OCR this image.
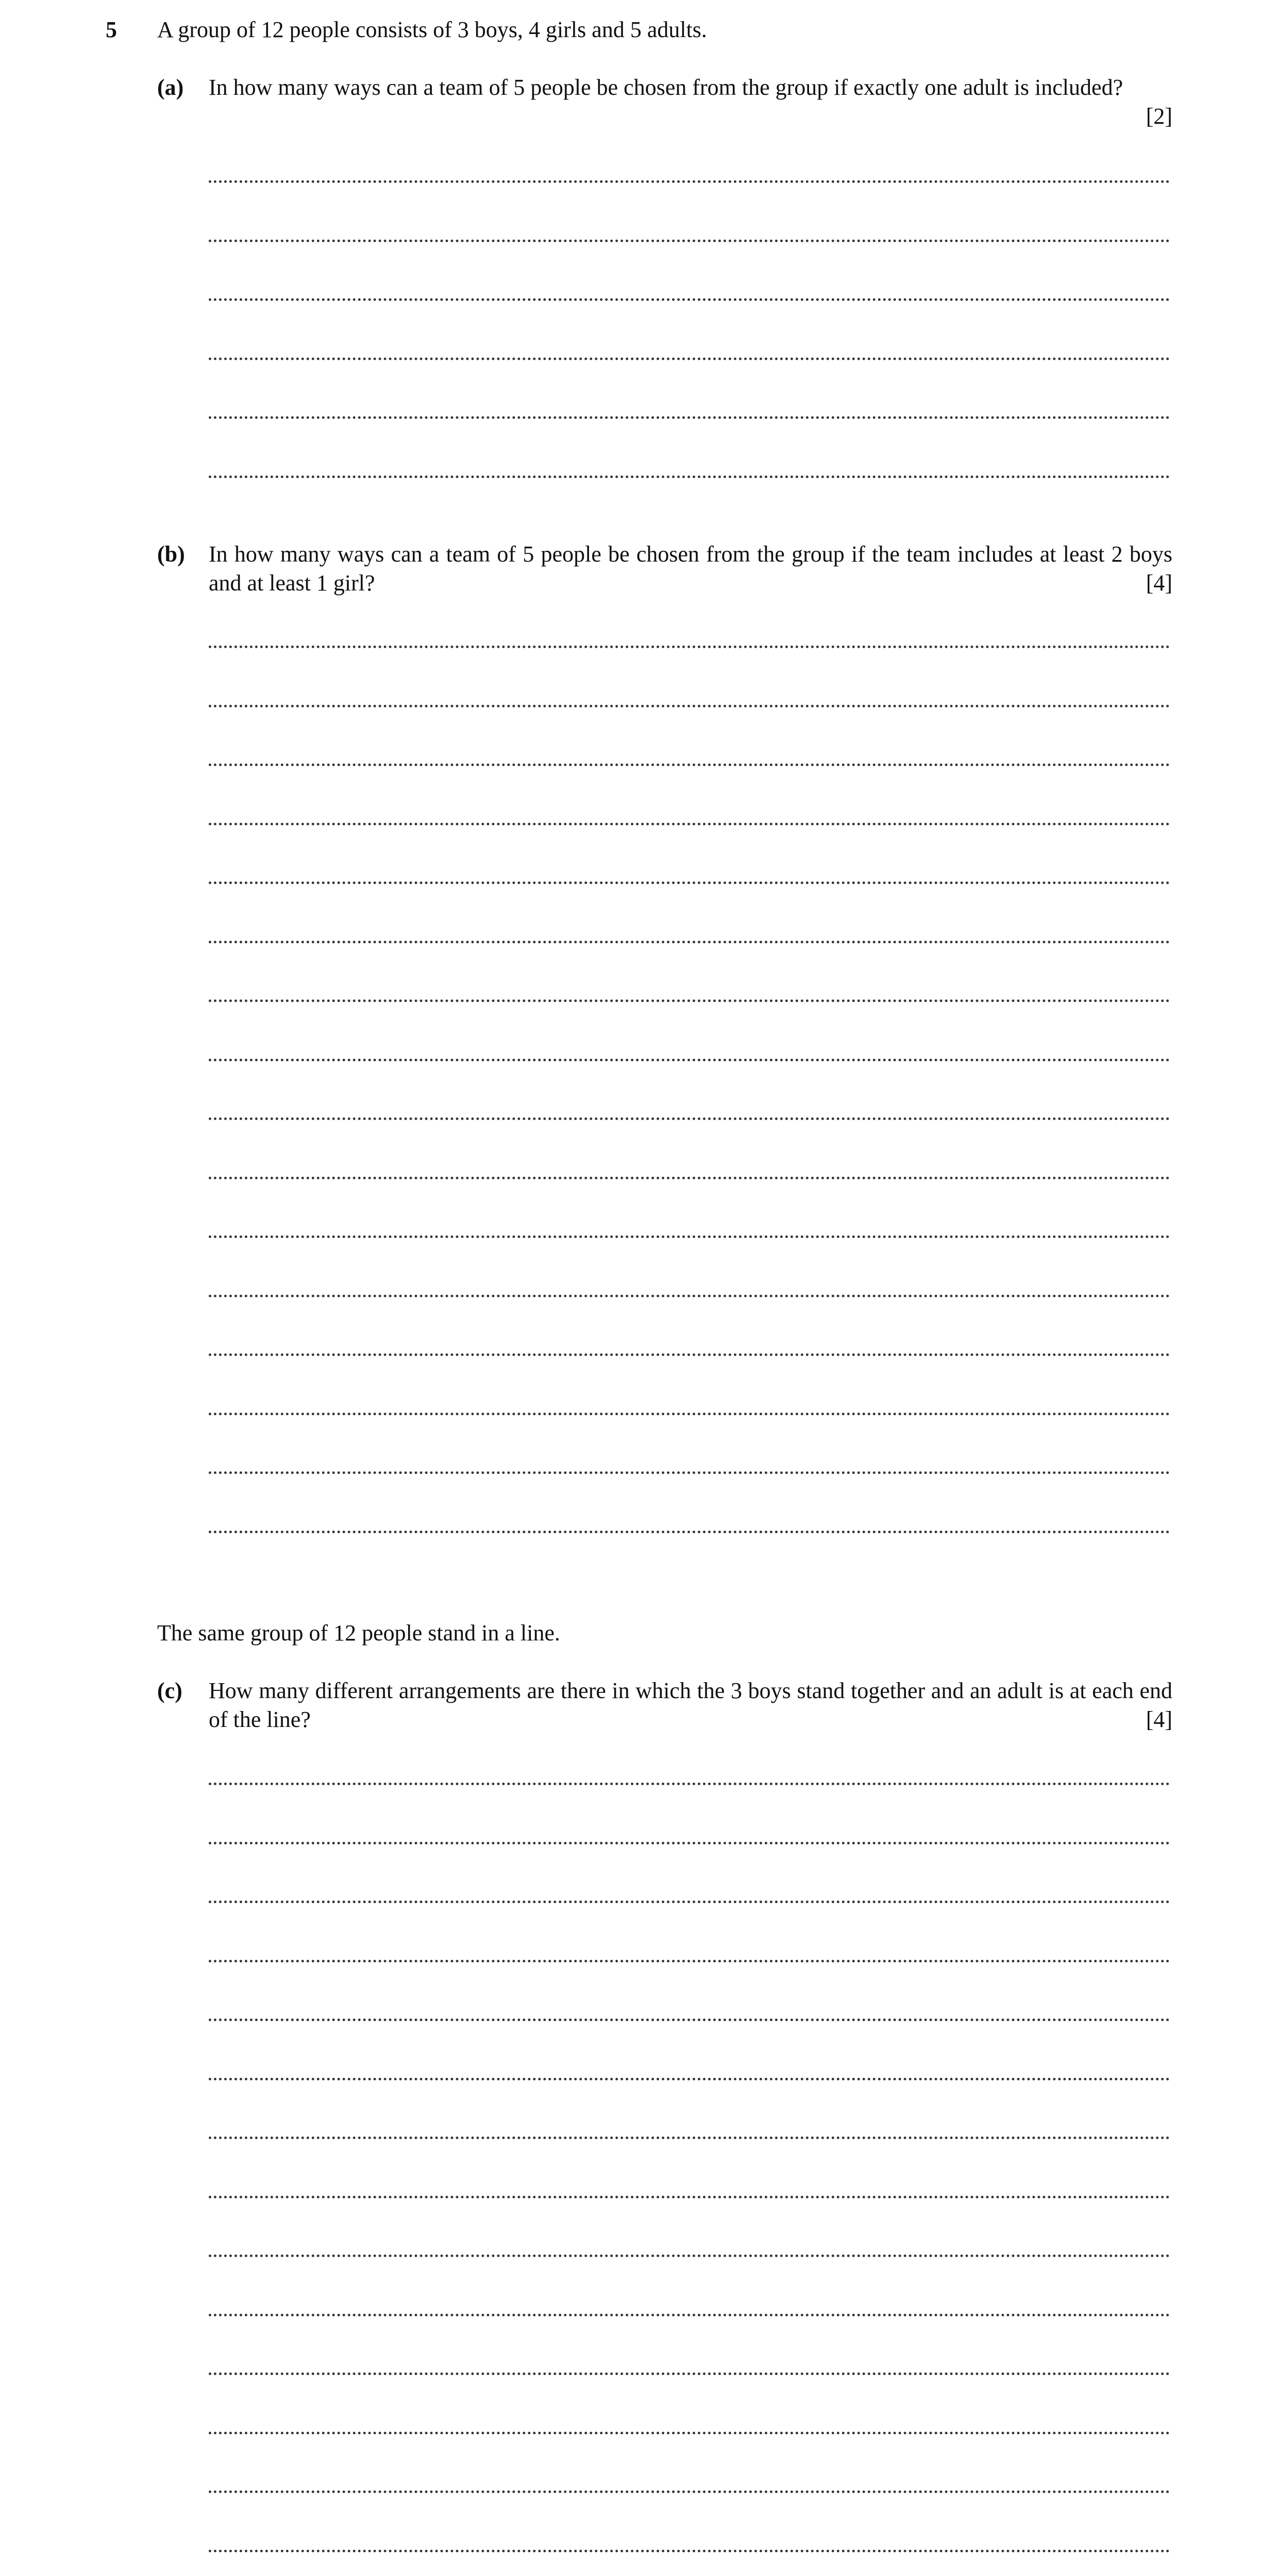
5 A group of 12 people consists of 3 boys, 4 girls and 5 adults.
(a) In how many ways can a team of 5 people be chosen from the group if exactly one adult is included?
[2]
(b) In how many ways can a team of 5 people be chosen from the group if the team includes at least 2 boys and at least 1 girl?	[4]
The same group of 12 people stand in a line.
(c) How many different arrangements are there in which the 3 boys stand together and an adult is at each end of the line?	[4]
